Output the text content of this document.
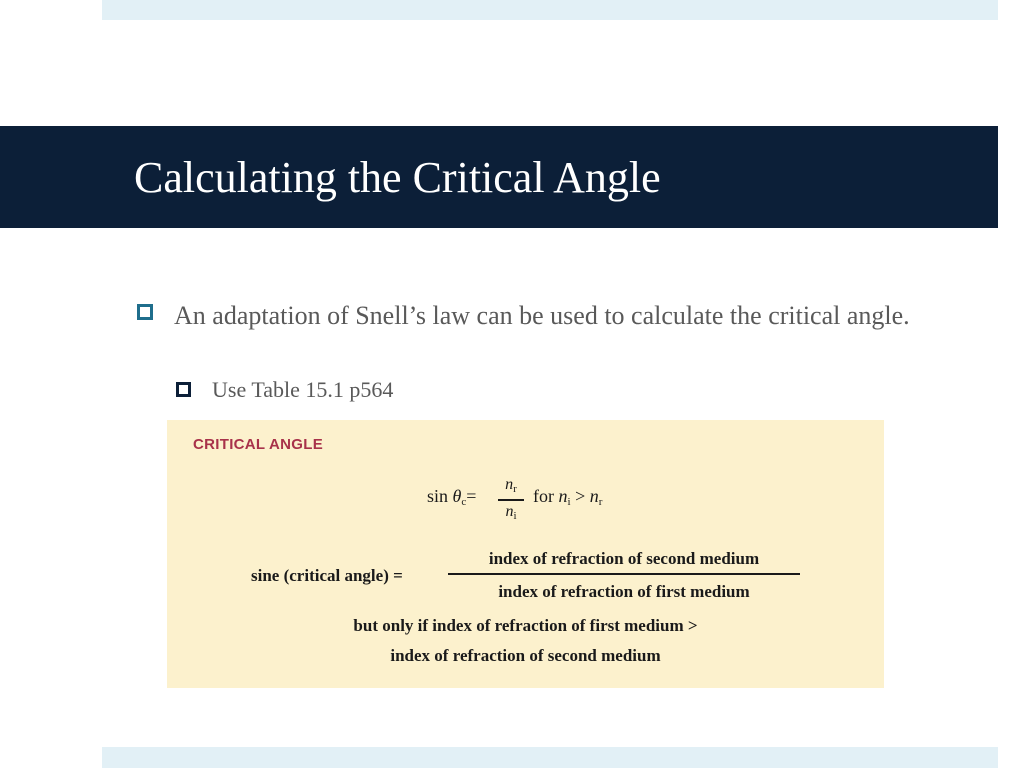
Calculating the Critical Angle
An adaptation of Snell’s law can be used to calculate the critical angle.
Use Table 15.1 p564
CRITICAL ANGLE
$\sin \theta_c=$
$n_r$
$n_i$
for $n_i > n_r$
sine (critical angle) =
index of refraction of second medium
index of refraction of first medium
but only if index of refraction of first medium >
index of refraction of second medium
